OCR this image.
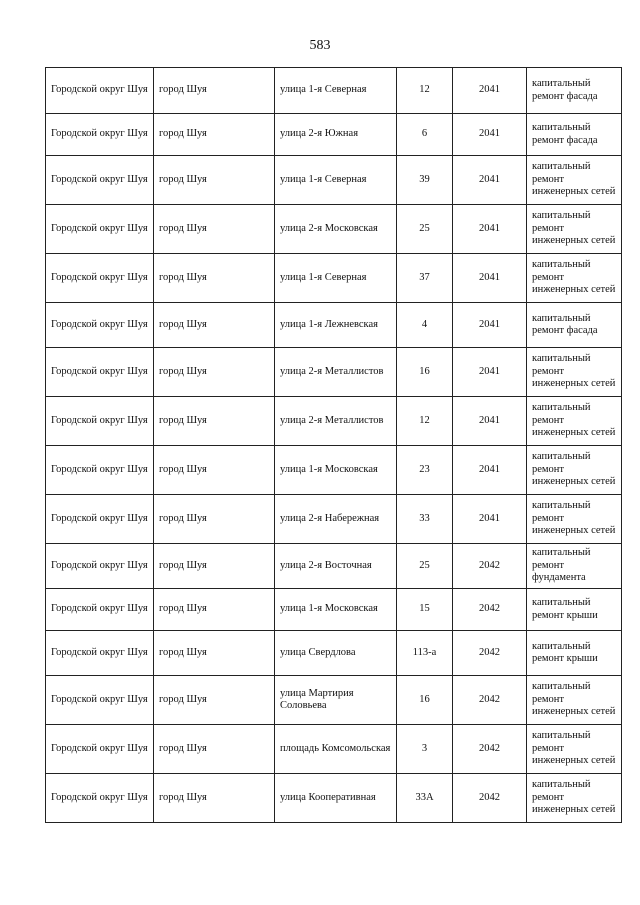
583
Городской округ Шуя	город Шуя	улица 1-я Северная	12	2041	капитальный ремонт фасада
Городской округ Шуя	город Шуя	улица 2-я Южная	6	2041	капитальный ремонт фасада
Городской округ Шуя	город Шуя	улица 1-я Северная	39	2041	капитальный ремонт инженерных сетей
Городской округ Шуя	город Шуя	улица 2-я Московская	25	2041	капитальный ремонт инженерных сетей
Городской округ Шуя	город Шуя	улица 1-я Северная	37	2041	капитальный ремонт инженерных сетей
Городской округ Шуя	город Шуя	улица 1-я Лежневская	4	2041	капитальный ремонт фасада
Городской округ Шуя	город Шуя	улица 2-я Металлистов	16	2041	капитальный ремонт инженерных сетей
Городской округ Шуя	город Шуя	улица 2-я Металлистов	12	2041	капитальный ремонт инженерных сетей
Городской округ Шуя	город Шуя	улица 1-я Московская	23	2041	капитальный ремонт инженерных сетей
Городской округ Шуя	город Шуя	улица 2-я Набережная	33	2041	капитальный ремонт инженерных сетей
Городской округ Шуя	город Шуя	улица 2-я Восточная	25	2042	капитальный ремонт фундамента
Городской округ Шуя	город Шуя	улица 1-я Московская	15	2042	капитальный ремонт крыши
Городской округ Шуя	город Шуя	улица Свердлова	113-а	2042	капитальный ремонт крыши
Городской округ Шуя	город Шуя	улица Мартирия Соловьева	16	2042	капитальный ремонт инженерных сетей
Городской округ Шуя	город Шуя	площадь Комсомольская	3	2042	капитальный ремонт инженерных сетей
Городской округ Шуя	город Шуя	улица Кооперативная	33А	2042	капитальный ремонт инженерных сетей
